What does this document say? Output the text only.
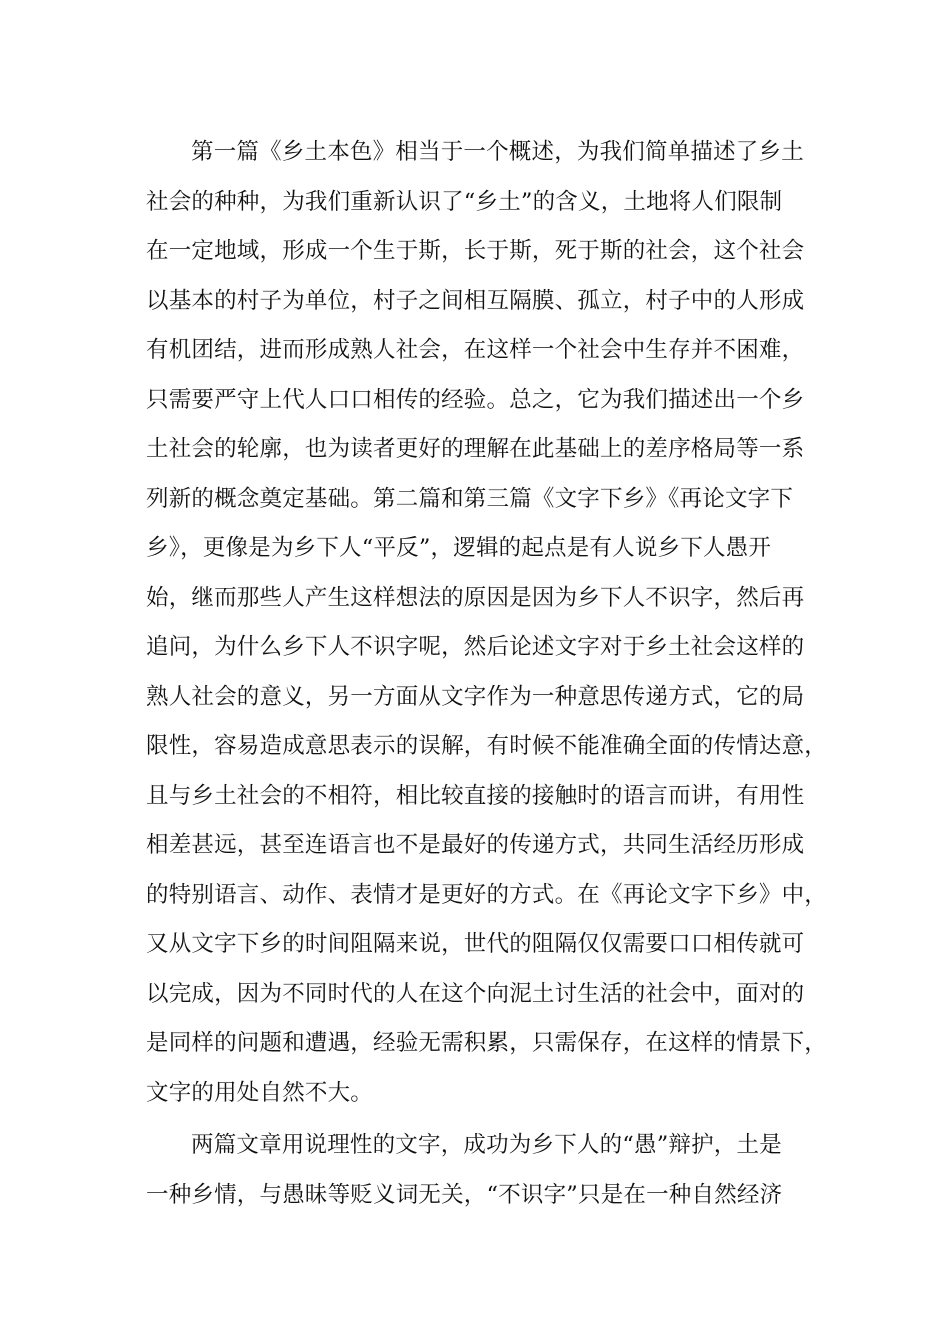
第一篇《乡土本色》相当于一个概述，为我们简单描述了乡土
社会的种种，为我们重新认识了“乡土”的含义，土地将人们限制
在一定地域，形成一个生于斯，长于斯，死于斯的社会，这个社会
以基本的村子为单位，村子之间相互隔膜、孤立，村子中的人形成
有机团结，进而形成熟人社会，在这样一个社会中生存并不困难，
只需要严守上代人口口相传的经验。总之，它为我们描述出一个乡
土社会的轮廓，也为读者更好的理解在此基础上的差序格局等一系
列新的概念奠定基础。第二篇和第三篇《文字下乡》《再论文字下
乡》，更像是为乡下人“平反”，逻辑的起点是有人说乡下人愚开
始，继而那些人产生这样想法的原因是因为乡下人不识字，然后再
追问，为什么乡下人不识字呢，然后论述文字对于乡土社会这样的
熟人社会的意义，另一方面从文字作为一种意思传递方式，它的局
限性，容易造成意思表示的误解，有时候不能准确全面的传情达意，
且与乡土社会的不相符，相比较直接的接触时的语言而讲，有用性
相差甚远，甚至连语言也不是最好的传递方式，共同生活经历形成
的特别语言、动作、表情才是更好的方式。在《再论文字下乡》中，
又从文字下乡的时间阻隔来说，世代的阻隔仅仅需要口口相传就可
以完成，因为不同时代的人在这个向泥土讨生活的社会中，面对的
是同样的问题和遭遇，经验无需积累，只需保存，在这样的情景下，
文字的用处自然不大。
两篇文章用说理性的文字，成功为乡下人的“愚”辩护，土是
一种乡情，与愚昧等贬义词无关，“不识字”只是在一种自然经济
